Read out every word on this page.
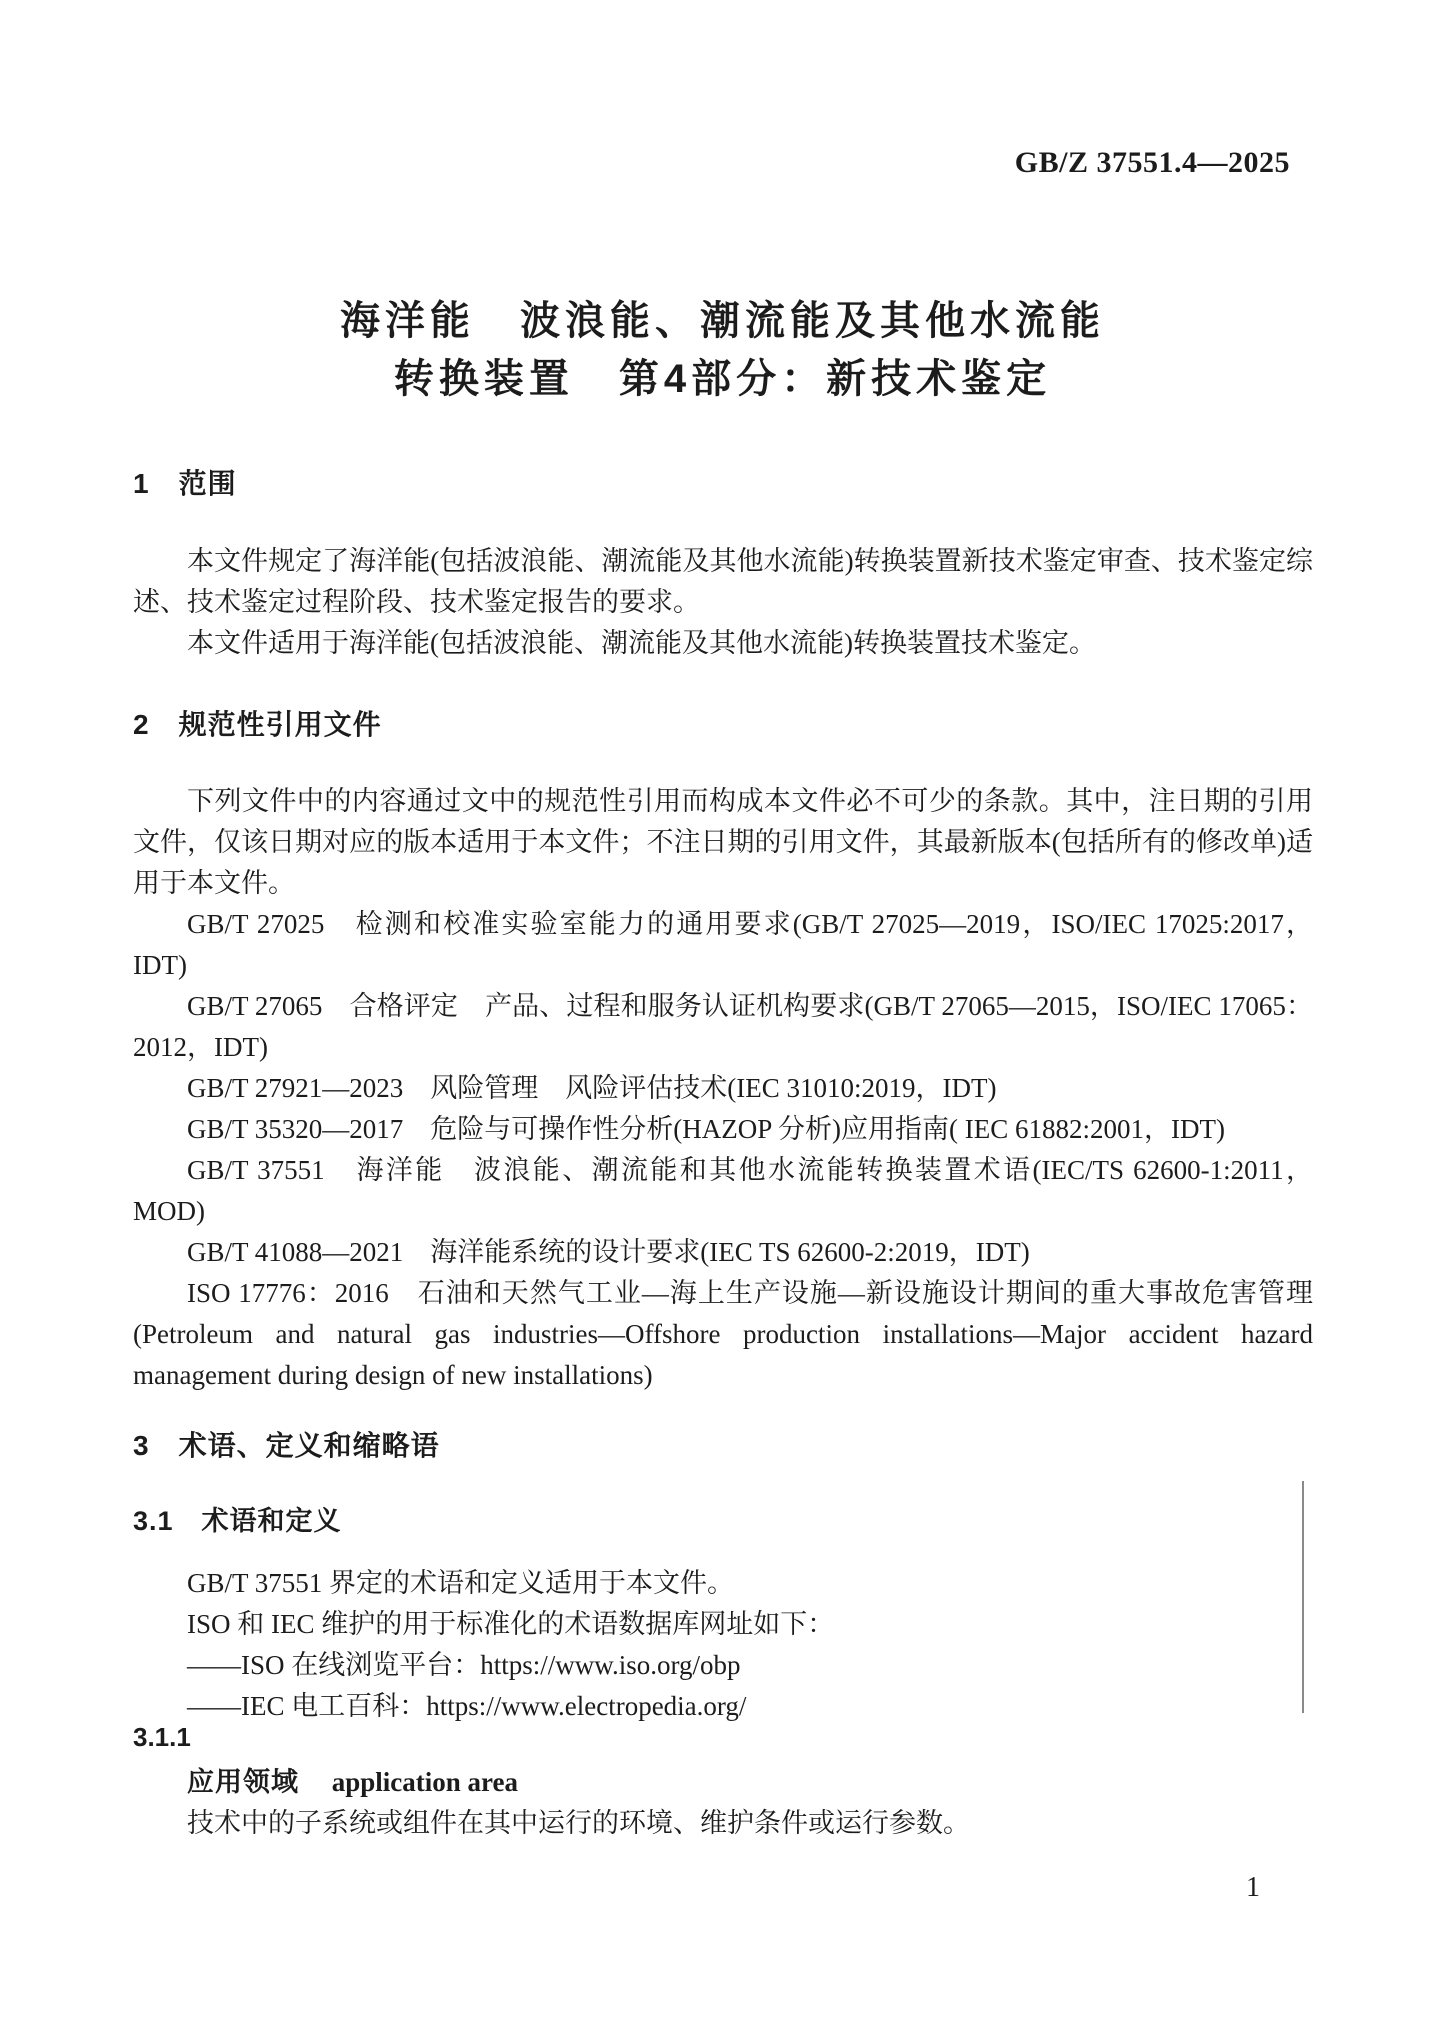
GB/Z 37551.4—2025
海洋能　波浪能、潮流能及其他水流能
转换装置　第4部分：新技术鉴定
1　范围

本文件规定了海洋能(包括波浪能、潮流能及其他水流能)转换装置新技术鉴定审查、技术鉴定综述、技术鉴定过程阶段、技术鉴定报告的要求。

本文件适用于海洋能(包括波浪能、潮流能及其他水流能)转换装置技术鉴定。

2　规范性引用文件

下列文件中的内容通过文中的规范性引用而构成本文件必不可少的条款。其中，注日期的引用文件，仅该日期对应的版本适用于本文件；不注日期的引用文件，其最新版本(包括所有的修改单)适用于本文件。

GB/T 27025　检测和校准实验室能力的通用要求(GB/T 27025—2019，ISO/IEC 17025:2017，IDT)

GB/T 27065　合格评定　产品、过程和服务认证机构要求(GB/T 27065—2015，ISO/IEC 17065：2012，IDT)

GB/T 27921—2023　风险管理　风险评估技术(IEC 31010:2019，IDT)

GB/T 35320—2017　危险与可操作性分析(HAZOP 分析)应用指南( IEC 61882:2001，IDT)

GB/T 37551　海洋能　波浪能、潮流能和其他水流能转换装置术语(IEC/TS 62600-1:2011，MOD)

GB/T 41088—2021　海洋能系统的设计要求(IEC TS 62600-2:2019，IDT)

ISO 17776：2016　石油和天然气工业—海上生产设施—新设施设计期间的重大事故危害管理 (Petroleum and natural gas industries—Offshore production installations—Major accident hazard management during design of new installations)

3　术语、定义和缩略语
3.1　术语和定义

GB/T 37551 界定的术语和定义适用于本文件。

ISO 和 IEC 维护的用于标准化的术语数据库网址如下：

——ISO 在线浏览平台：https://www.iso.org/obp

——IEC 电工百科：https://www.electropedia.org/

3.1.1

应用领域 application area

技术中的子系统或组件在其中运行的环境、维护条件或运行参数。

1
